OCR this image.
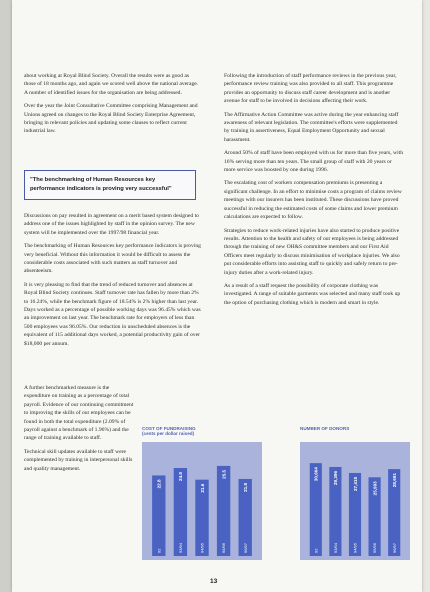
about working at Royal Blind Society. Overall the results were as good as those of 18 months ago, and again we scored well above the national average. A number of identified issues for the organisation are being addressed.

Over the year the Joint Consultative Committee comprising Management and Unions agreed on changes to the Royal Blind Society Enterprise Agreement, bringing in relevant policies and updating some clauses to reflect current industrial law.

"The benchmarking of Human Resources key performance indicators is proving very successful"

Discussions on pay resulted in agreement on a merit based system designed to address one of the issues highlighted by staff in the opinion survey. The new system will be implemented over the 1997/98 financial year.

The benchmarking of Human Resources key performance indicators is proving very beneficial. Without this information it would be difficult to assess the considerable costs associated with such matters as staff turnover and absenteeism.

It is very pleasing to find that the trend of reduced turnover and absences at Royal Blind Society continues. Staff turnover rate has fallen by more than 2% to 16.24%, while the benchmark figure of 18.54% is 2% higher than last year. Days worked as a percentage of possible working days was 96.45% which was an improvement on last year. The benchmark rate for employers of less than 500 employees was 96.05%. Our reduction in unscheduled absences is the equivalent of 115 additional days worked, a potential productivity gain of over $18,000 per annum.

A further benchmarked measure is the expenditure on training as a percentage of total payroll. Evidence of our continuing commitment to improving the skills of our employees can be found in both the total expenditure (2.09% of payroll against a benchmark of 1.96%) and the range of training available to staff.

Technical skill updates available to staff were complemented by training in interpersonal skills and quality management.

Following the introduction of staff performance reviews in the previous year, performance review training was also provided to all staff. This programme provides an opportunity to discuss staff career development and is another avenue for staff to be involved in decisions affecting their work.

The Affirmative Action Committee was active during the year enhancing staff awareness of relevant legislation. The committee's efforts were supplemented by training in assertiveness, Equal Employment Opportunity and sexual harassment.

Around 50% of staff have been employed with us for more than five years, with 16% serving more than ten years. The small group of staff with 20 years or more service was boosted by one during 1996.

The escalating cost of workers compensation premiums is presenting a significant challenge. In an effort to minimise costs a program of claims review meetings with our insurers has been instituted. These discussions have proved successful in reducing the estimated costs of some claims and lower premium calculations are expected to follow.

Strategies to reduce work-related injuries have also started to produce positive results. Attention to the health and safety of our employees is being addressed through the training of new OH&S committee members and our First Aid Officers meet regularly to discuss minimisation of workplace injuries. We also put considerable efforts into assisting staff to quickly and safely return to pre-injury duties after a work-related injury.

As a result of a staff request the possibility of corporate clothing was investigated. A range of suitable garments was selected and many staff took up the option of purchasing clothing which is modern and smart in style.

COST OF FUNDRAISING
(cents per dollar raised)
22.8
92
24.9
93/94
21.6
94/95
25.5
95/96
21.8
96/97
NUMBER OF DONORS
30,664
92
29,396
93/94
27,418
94/95
25,993
95/96
28,691
96/97
13
